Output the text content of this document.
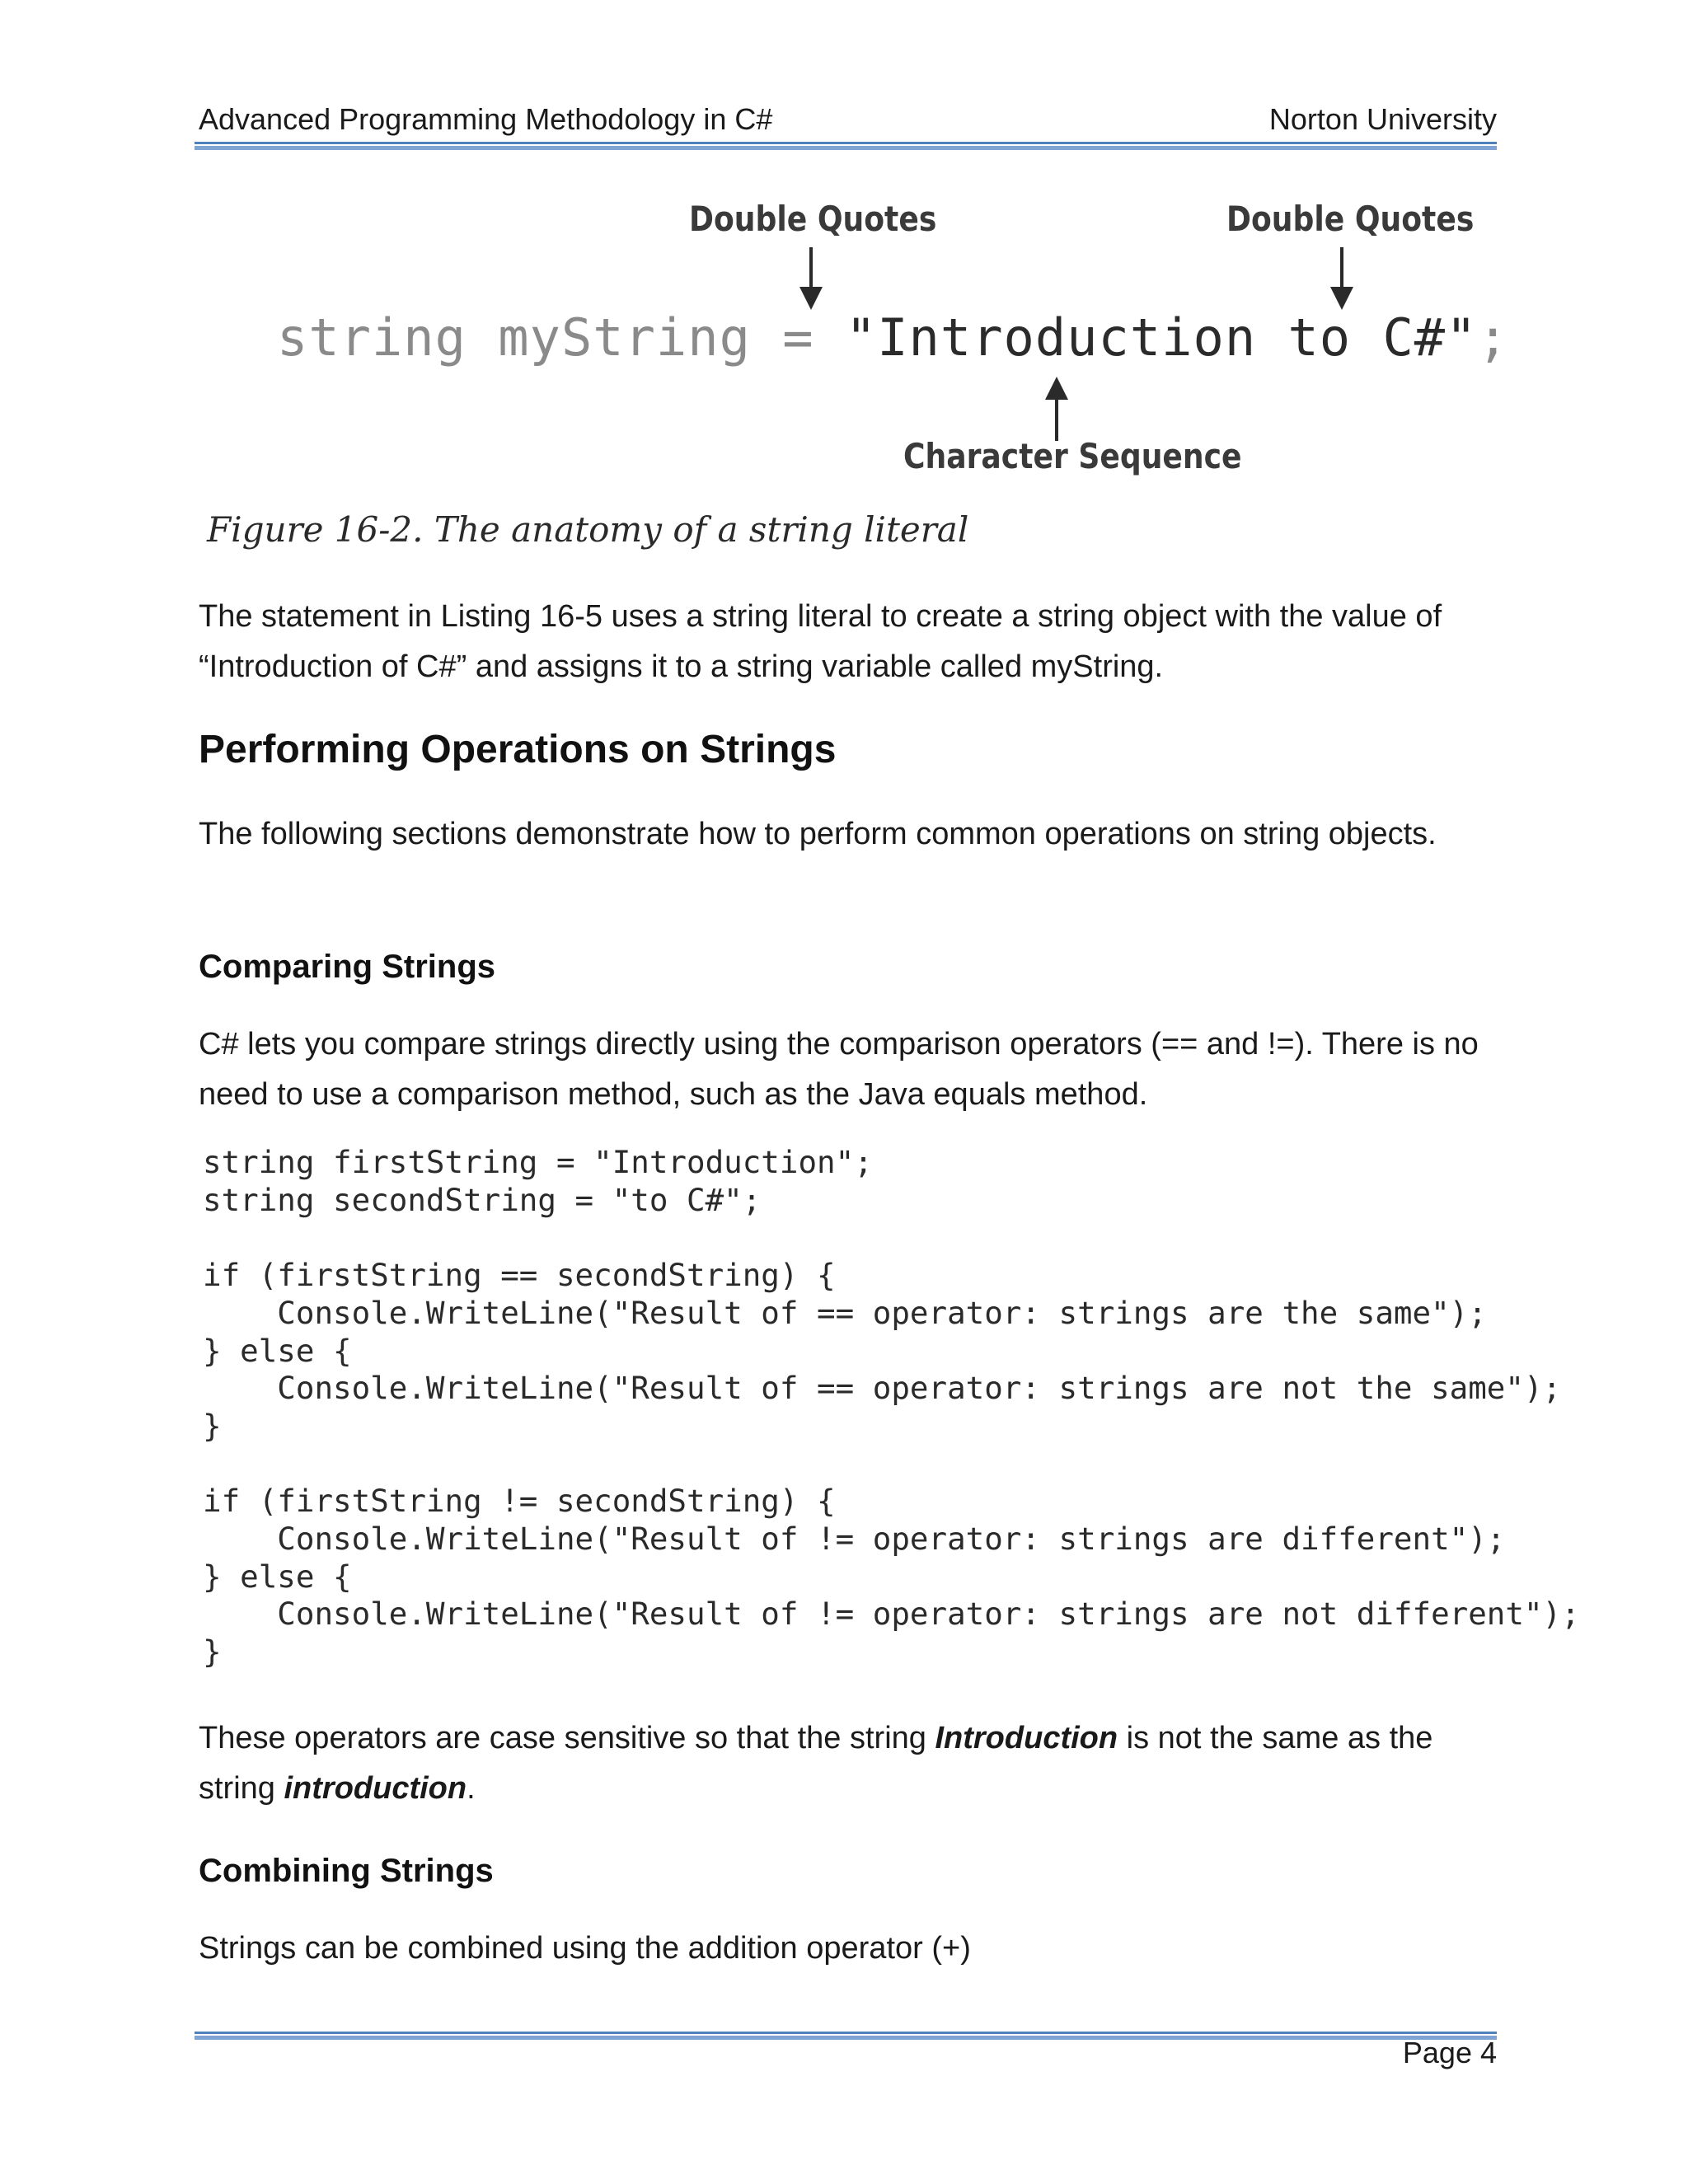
Advanced Programming Methodology in C#	Norton University
Double Quotes	Double Quotes
string myString = "Introduction to C#";
Character Sequence
Figure 16-2. The anatomy of a string literal
The statement in Listing 16-5 uses a string literal to create a string object with the value of “Introduction of C#” and assigns it to a string variable called myString.
Performing Operations on Strings
The following sections demonstrate how to perform common operations on string objects.
Comparing Strings
C# lets you compare strings directly using the comparison operators (== and !=). There is no need to use a comparison method, such as the Java equals method.
string firstString = "Introduction";
string secondString = "to C#";

if (firstString == secondString) {
Console.WriteLine("Result of == operator: strings are the same");
} else {
Console.WriteLine("Result of == operator: strings are not the same");
}

if (firstString != secondString) {
Console.WriteLine("Result of != operator: strings are different");
} else {
Console.WriteLine("Result of != operator: strings are not different");
}
These operators are case sensitive so that the string Introduction is not the same as the string introduction.
Combining Strings
Strings can be combined using the addition operator (+)
Page 4
